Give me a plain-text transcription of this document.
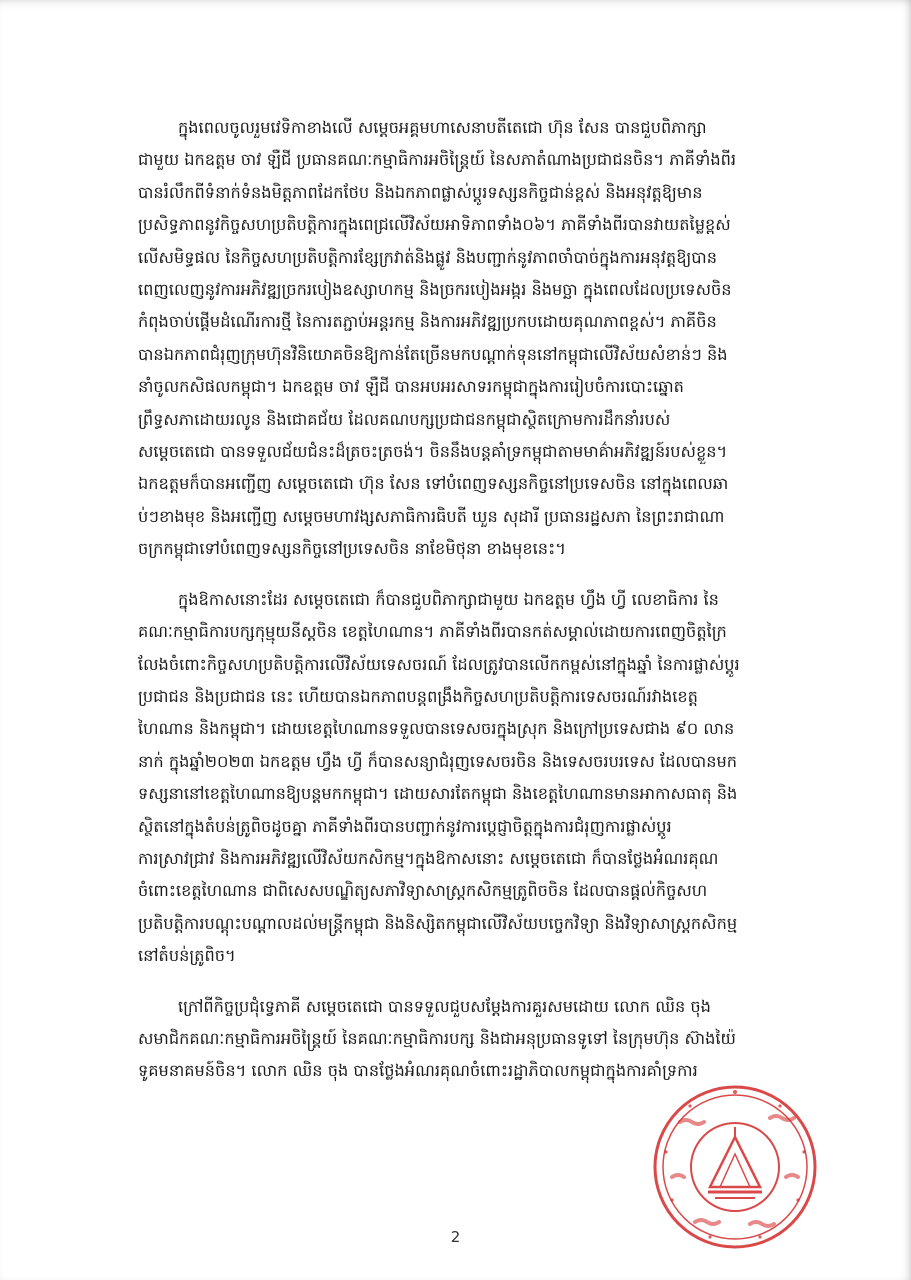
ក្នុងពេលចូលរួមវេទិកាខាងលើ សម្តេចអគ្គមហាសេនាបតីតេជោ ហ៊ុន សែន បានជួបពិភាក្សា
ជាមួយ ឯកឧត្តម ចាវ ឡឺជី ប្រធានគណៈកម្មាធិការអចិន្ត្រៃយ៍ នៃសភាតំណាងប្រជាជនចិន។ ភាគីទាំងពីរ
បានរំលឹកពីទំនាក់ទំនងមិត្តភាពដែកថែប និងឯកភាពផ្លាស់ប្តូរទស្សនកិច្ចជាន់ខ្ពស់ និងអនុវត្តឱ្យមាន
ប្រសិទ្ធភាពនូវកិច្ចសហប្រតិបត្តិការក្នុងពេជ្រលើវិស័យអាទិភាពទាំង០៦។ ភាគីទាំងពីរបានវាយតម្លៃខ្ពស់
លើសមិទ្ធផល នៃកិច្ចសហប្រតិបត្តិការខ្សែក្រវាត់និងផ្លូវ និងបញ្ជាក់នូវភាពចាំបាច់ក្នុងការអនុវត្តឱ្យបាន
ពេញលេញនូវការអភិវឌ្ឍច្រករបៀងឧស្សាហកម្ម និងច្រករបៀងអង្ករ និងមច្ឆា ក្នុងពេលដែលប្រទេសចិន
កំពុងចាប់ផ្តើមដំណើរការថ្មី នៃការតភ្ជាប់អន្តរកម្ម និងការអភិវឌ្ឍប្រកបដោយគុណភាពខ្ពស់។ ភាគីចិន
បានឯកភាពជំរុញក្រុមហ៊ុនវិនិយោគចិនឱ្យកាន់តែច្រើនមកបណ្តាក់ទុននៅកម្ពុជាលើវិស័យសំខាន់ៗ និង
នាំចូលកសិផលកម្ពុជា។ ឯកឧត្តម ចាវ ឡឺជី បានអបអរសាទរកម្ពុជាក្នុងការរៀបចំការបោះឆ្នោត
ព្រឹទ្ធសភាដោយរលូន និងជោគជ័យ ដែលគណបក្សប្រជាជនកម្ពុជាស្ថិតក្រោមការដឹកនាំរបស់
សម្តេចតេជោ បានទទួលជ័យជំនះដ៏ត្រចះត្រចង់។ ចិននឹងបន្តគាំទ្រកម្ពុជាតាមមាគ៌ាអភិវឌ្ឍន៍របស់ខ្លួន។
ឯកឧត្តមក៏បានអញ្ជើញ សម្តេចតេជោ ហ៊ុន សែន ទៅបំពេញទស្សនកិច្ចនៅប្រទេសចិន នៅក្នុងពេលឆា
ប់ៗខាងមុខ និងអញ្ជើញ សម្តេចមហាវង្សសភាធិការធិបតី ឃួន សុដារី ប្រធានរដ្ឋសភា នៃព្រះរាជាណា
ចក្រកម្ពុជាទៅបំពេញទស្សនកិច្ចនៅប្រទេសចិន នាខែមិថុនា ខាងមុខនេះ។
ក្នុងឱកាសនោះដែរ សម្តេចតេជោ ក៏បានជួបពិភាក្សាជាមួយ ឯកឧត្តម ហ្វឹង ហ្វី លេខាធិការ នៃ
គណៈកម្មាធិការបក្សកុម្មុយនីស្តចិន ខេត្តហៃណាន។ ភាគីទាំងពីរបានកត់សម្គាល់ដោយការពេញចិត្តក្រៃ
លែងចំពោះកិច្ចសហប្រតិបត្តិការលើវិស័យទេសចរណ៍ ដែលត្រូវបានលើកកម្ពស់នៅក្នុងឆ្នាំ នៃការផ្លាស់ប្តូរ
ប្រជាជន និងប្រជាជន នេះ ហើយបានឯកភាពបន្តពង្រឹងកិច្ចសហប្រតិបត្តិការទេសចរណ៍រវាងខេត្ត
ហៃណាន និងកម្ពុជា។ ដោយខេត្តហៃណានទទួលបានទេសចរក្នុងស្រុក និងក្រៅប្រទេសជាង ៩០ លាន
នាក់ ក្នុងឆ្នាំ២០២៣ ឯកឧត្តម ហ្វឹង ហ្វី ក៏បានសន្យាជំរុញទេសចរចិន និងទេសចរបរទេស ដែលបានមក
ទស្សនានៅខេត្តហៃណានឱ្យបន្តមកកម្ពុជា។ ដោយសារតែកម្ពុជា និងខេត្តហៃណានមានអាកាសធាតុ និង
ស្ថិតនៅក្នុងតំបន់ត្រូពិចដូចគ្នា ភាគីទាំងពីរបានបញ្ជាក់នូវការប្តេជ្ញាចិត្តក្នុងការជំរុញការផ្លាស់ប្តូរ
ការស្រាវជ្រាវ និងការអភិវឌ្ឍលើវិស័យកសិកម្ម។ក្នុងឱកាសនោះ សម្តេចតេជោ ក៏បានថ្លែងអំណរគុណ
ចំពោះខេត្តហៃណាន ជាពិសេសបណ្ឌិត្យសភាវិទ្យាសាស្ត្រកសិកម្មត្រូពិចចិន ដែលបានផ្តល់កិច្ចសហ
ប្រតិបត្តិការបណ្តុះបណ្តាលដល់មន្ត្រីកម្ពុជា និងនិស្សិតកម្ពុជាលើវិស័យបច្ចេកវិទ្យា និងវិទ្យាសាស្ត្រកសិកម្ម
នៅតំបន់ត្រូពិច។
ក្រៅពីកិច្ចប្រជុំទ្វេភាគី សម្តេចតេជោ បានទទួលជួបសម្តែងការគួរសមដោយ លោក ឈិន ចុង
សមាជិកគណៈកម្មាធិការអចិន្ត្រៃយ៍ នៃគណៈកម្មាធិការបក្ស និងជាអនុប្រធានទូទៅ នៃក្រុមហ៊ុន ស៊ាងយ៉ៃ
ទូគមនាគមន៍ចិន។ លោក ឈិន ចុង បានថ្លែងអំណរគុណចំពោះរដ្ឋាភិបាលកម្ពុជាក្នុងការគាំទ្រការ
2
